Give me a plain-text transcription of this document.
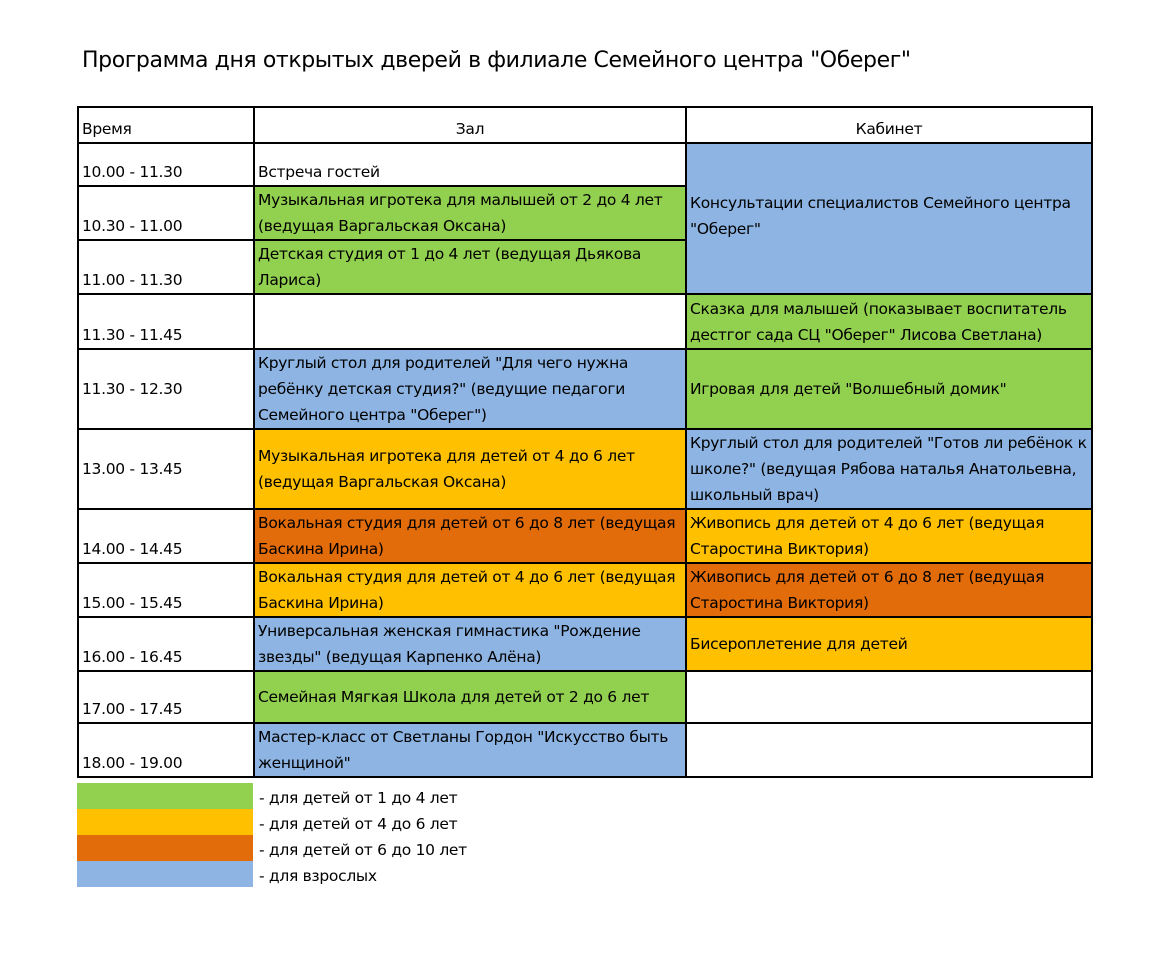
Программа дня открытых дверей в филиале Семейного центра "Оберег"
Время	Зал	Кабинет
10.00 - 11.30	Встреча гостей	Консультации специалистов Семейного центра "Оберег"
10.30 - 11.00	Музыкальная игротека для малышей от 2 до 4 лет (ведущая Варгальская Оксана)	
11.00 - 11.30	Детская студия от 1 до 4 лет (ведущая Дьякова Лариса)	
11.30 - 11.45		Сказка для малышей (показывает воспитатель дестгог сада СЦ "Оберег" Лисова Светлана)
11.30 - 12.30	Круглый стол для родителей "Для чего нужна ребёнку детская студия?" (ведущие педагоги Семейного центра "Оберег")	Игровая для детей "Волшебный домик"
13.00 - 13.45	Музыкальная игротека для детей от 4 до 6 лет (ведущая Варгальская Оксана)	Круглый стол для родителей "Готов ли ребёнок к школе?" (ведущая Рябова наталья Анатольевна, школьный врач)
14.00 - 14.45	Вокальная студия для детей от 6 до 8 лет (ведущая Баскина Ирина)	Живопись для детей от 4 до 6 лет (ведущая Старостина Виктория)
15.00 - 15.45	Вокальная студия для детей от 4 до 6 лет (ведущая Баскина Ирина)	Живопись для детей от 6 до 8 лет (ведущая Старостина Виктория)
16.00 - 16.45	Универсальная женская гимнастика "Рождение звезды" (ведущая Карпенко Алёна)	Бисероплетение для детей
17.00 - 17.45	Семейная Мягкая Школа для детей от 2 до 6 лет	
18.00 - 19.00	Мастер-класс от Светланы Гордон "Искусство быть женщиной"	
- для детей от 1 до 4 лет
- для детей от 4 до 6 лет
- для детей от 6 до 10 лет
- для взрослых
